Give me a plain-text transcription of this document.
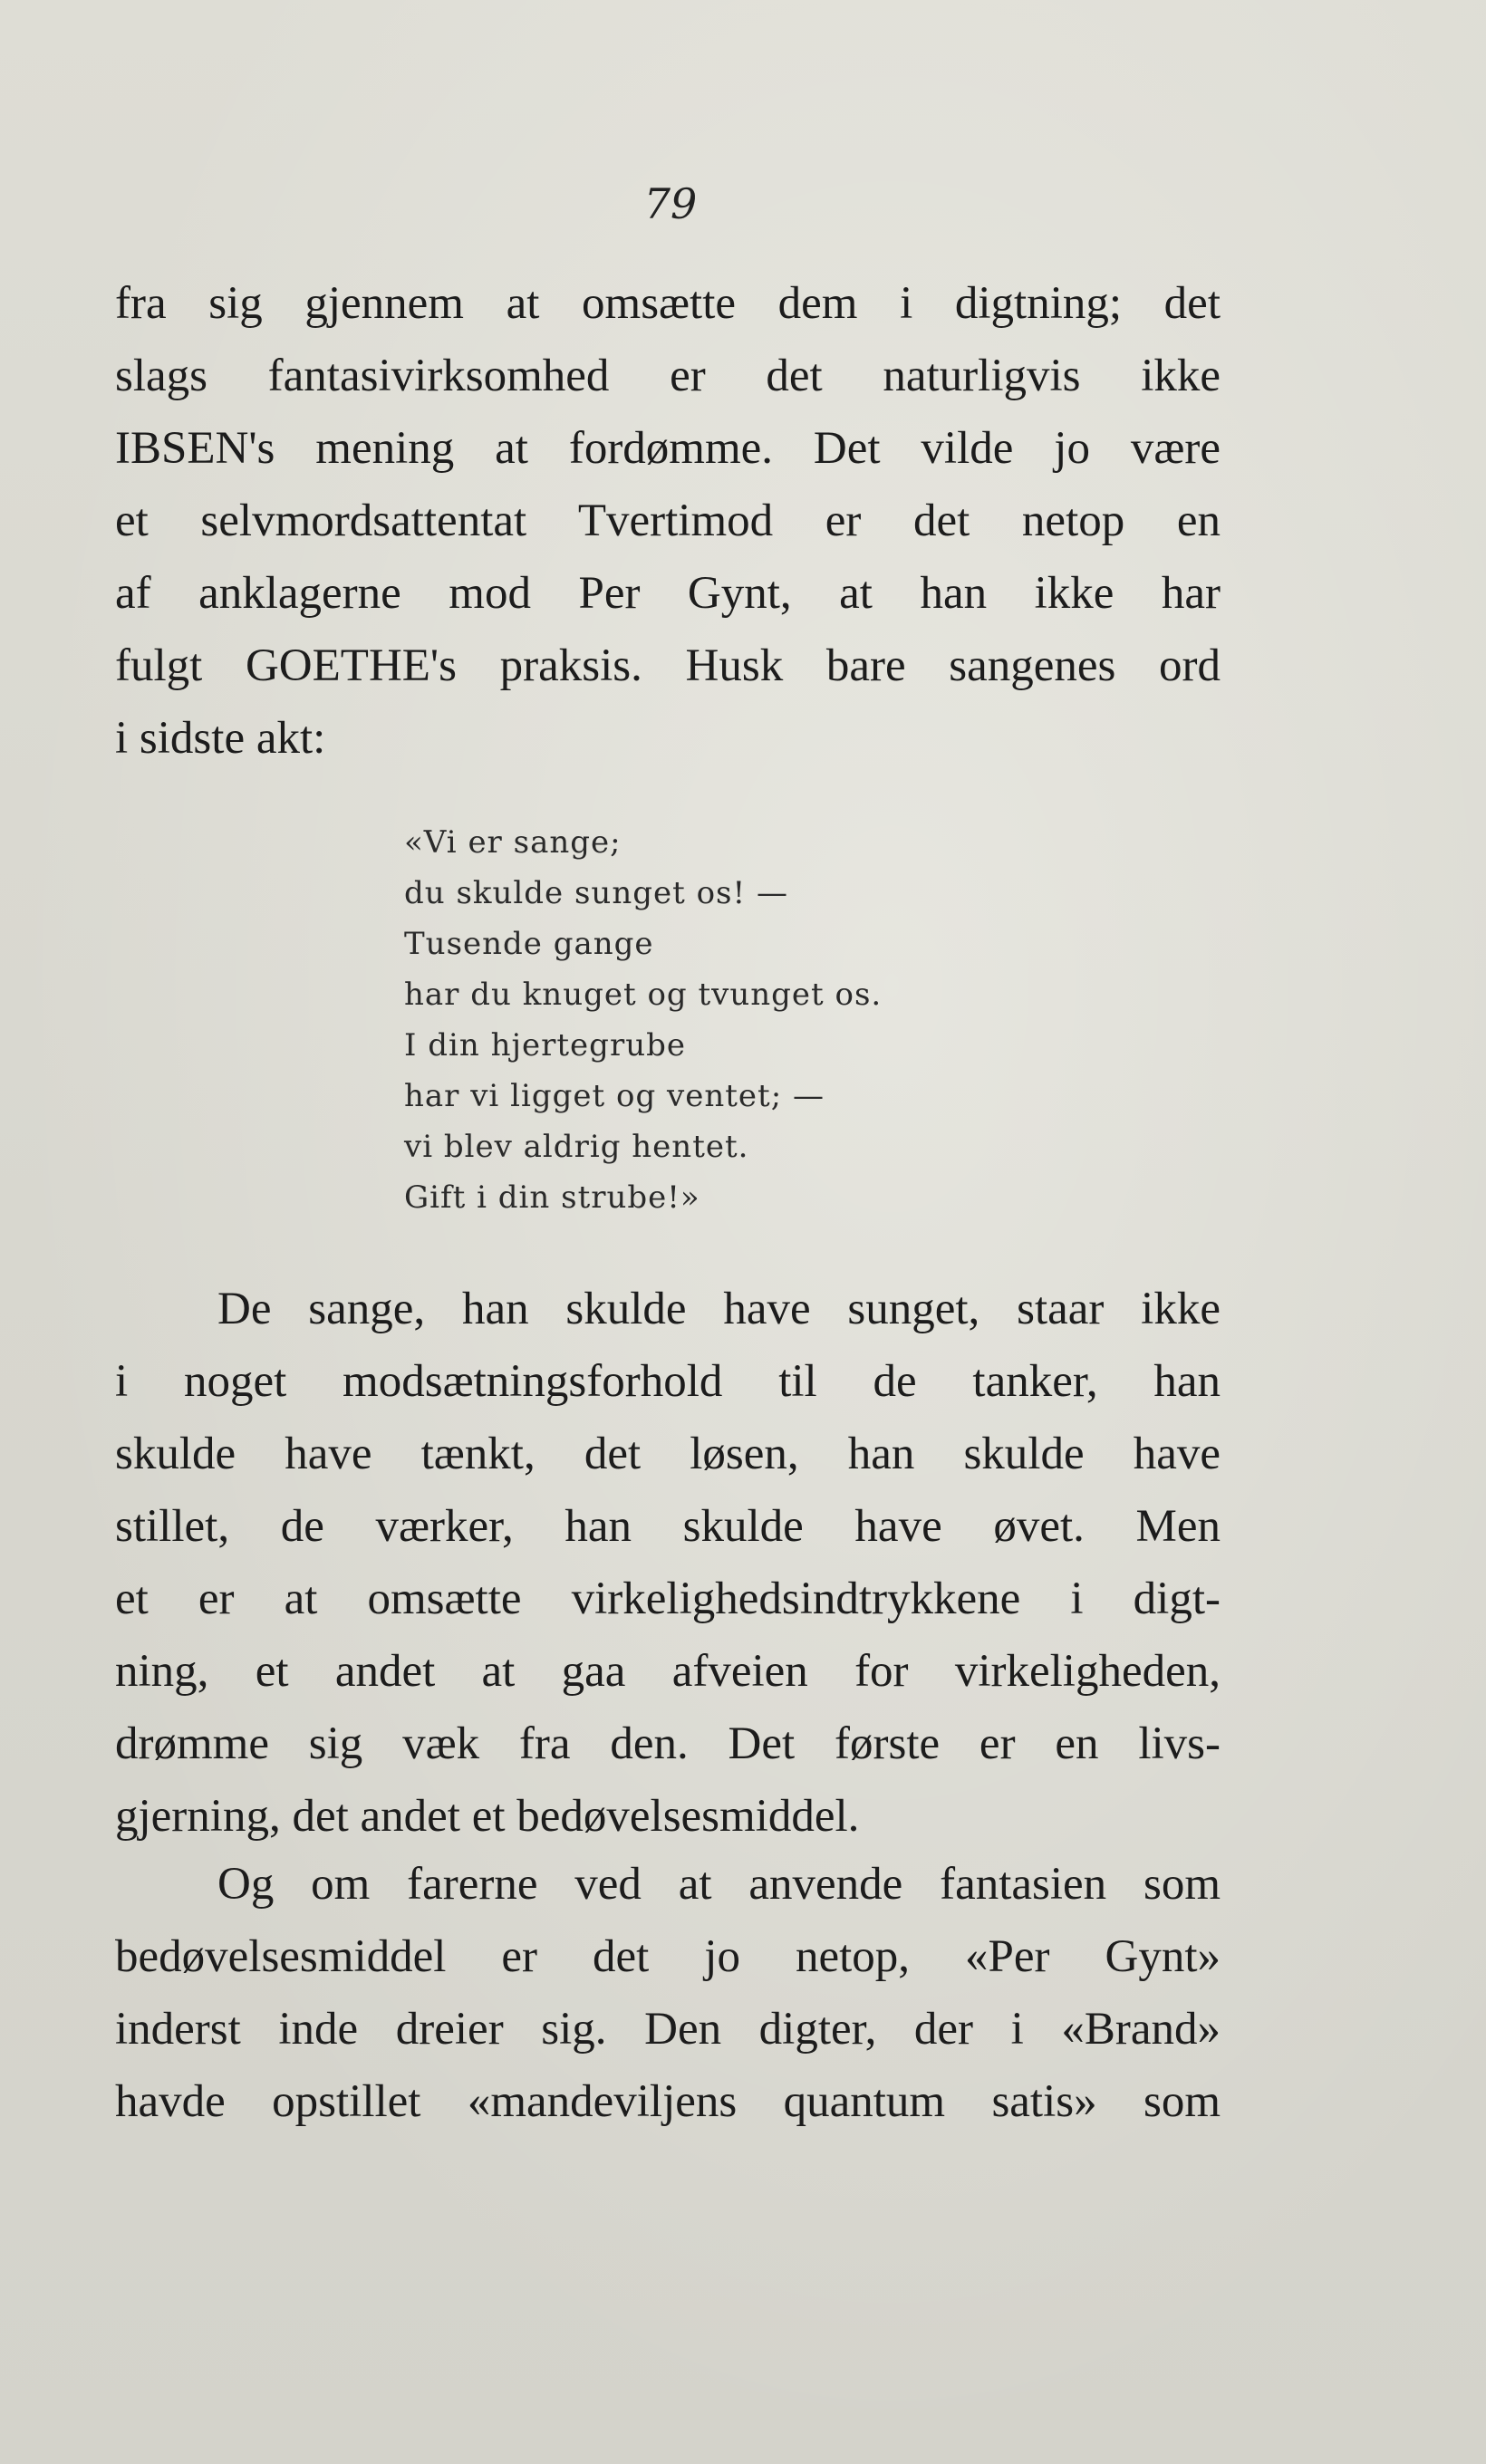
79
fra sig gjennem at omsætte dem i digtning; det
slags fantasivirksomhed er det naturligvis ikke
IBSEN's mening at fordømme. Det vilde jo være
et selvmordsattentat Tvertimod er det netop en
af anklagerne mod Per Gynt, at han ikke har
fulgt GOETHE's praksis. Husk bare sangenes ord
i sidste akt:
«Vi er sange;
du skulde sunget os! —
Tusende gange
har du knuget og tvunget os.
I din hjertegrube
har vi ligget og ventet; —
vi blev aldrig hentet.
Gift i din strube!»
De sange, han skulde have sunget, staar ikke
i noget modsætningsforhold til de tanker, han
skulde have tænkt, det løsen, han skulde have
stillet, de værker, han skulde have øvet. Men
et er at omsætte virkelighedsindtrykkene i digt-
ning, et andet at gaa afveien for virkeligheden,
drømme sig væk fra den. Det første er en livs-
gjerning, det andet et bedøvelsesmiddel.
Og om farerne ved at anvende fantasien som
bedøvelsesmiddel er det jo netop, «Per Gynt»
inderst inde dreier sig. Den digter, der i «Brand»
havde opstillet «mandeviljens quantum satis» som
